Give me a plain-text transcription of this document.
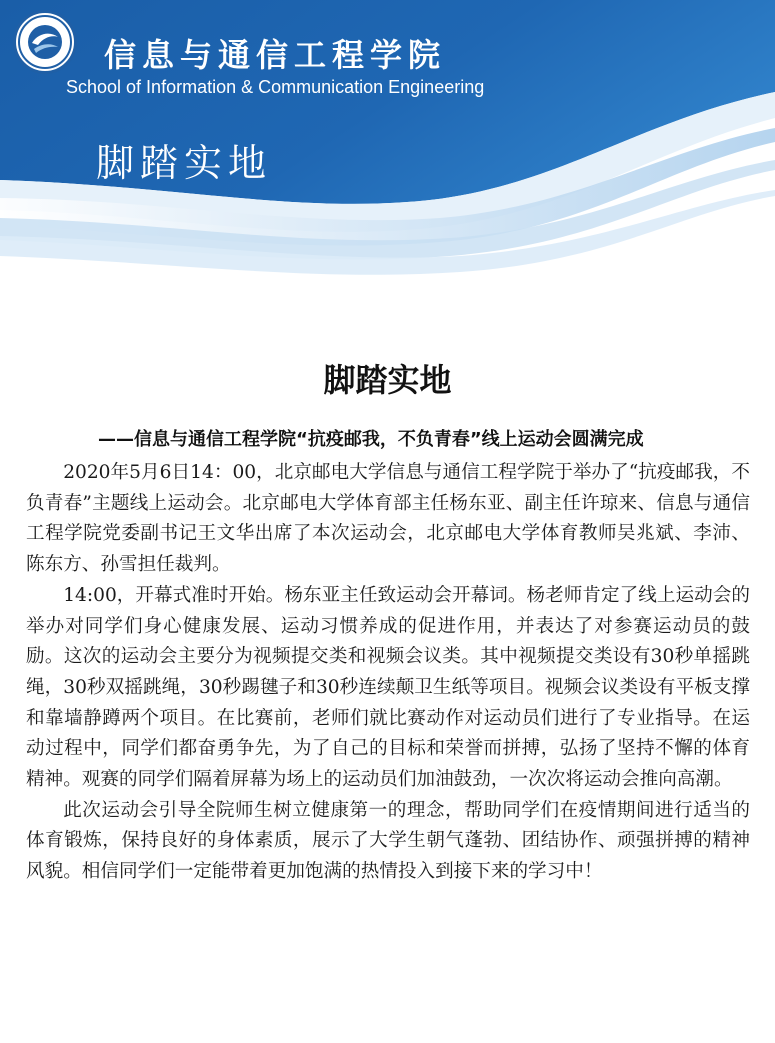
信息与通信工程学院
School of Information & Communication Engineering
脚踏实地
脚踏实地
——信息与通信工程学院“抗疫邮我，不负青春”线上运动会圆满完成

2020年5月6日14：00，北京邮电大学信息与通信工程学院于举办了“抗疫邮我，不负青春”主题线上运动会。北京邮电大学体育部主任杨东亚、副主任许琼来、信息与通信工程学院党委副书记王文华出席了本次运动会，北京邮电大学体育教师吴兆斌、李沛、陈东方、孙雪担任裁判。

14:00，开幕式准时开始。杨东亚主任致运动会开幕词。杨老师肯定了线上运动会的举办对同学们身心健康发展、运动习惯养成的促进作用，并表达了对参赛运动员的鼓励。这次的运动会主要分为视频提交类和视频会议类。其中视频提交类设有30秒单摇跳绳，30秒双摇跳绳，30秒踢毽子和30秒连续颠卫生纸等项目。视频会议类设有平板支撑和靠墙静蹲两个项目。在比赛前，老师们就比赛动作对运动员们进行了专业指导。在运动过程中，同学们都奋勇争先，为了自己的目标和荣誉而拼搏，弘扬了坚持不懈的体育精神。观赛的同学们隔着屏幕为场上的运动员们加油鼓劲，一次次将运动会推向高潮。

此次运动会引导全院师生树立健康第一的理念，帮助同学们在疫情期间进行适当的体育锻炼，保持良好的身体素质，展示了大学生朝气蓬勃、团结协作、顽强拼搏的精神风貌。相信同学们一定能带着更加饱满的热情投入到接下来的学习中！
